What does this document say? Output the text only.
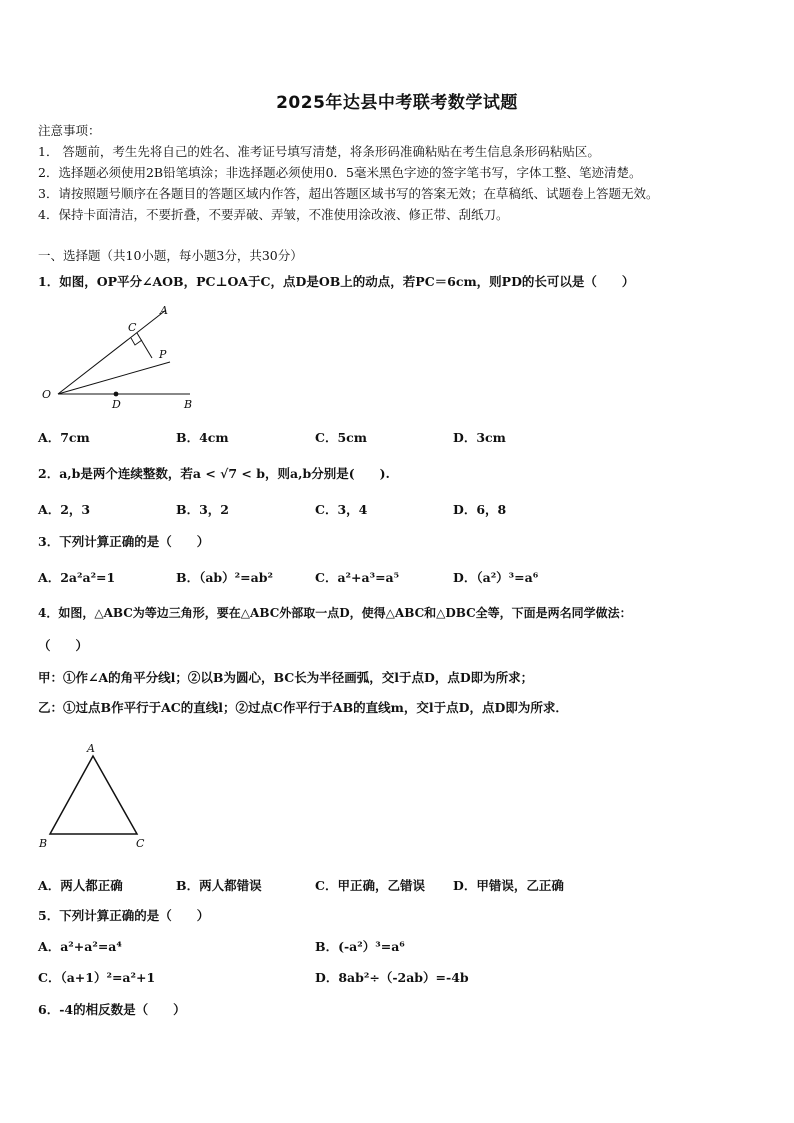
2025年达县中考联考数学试题
注意事项：
1． 答题前，考生先将自己的姓名、准考证号填写清楚，将条形码准确粘贴在考生信息条形码粘贴区。
2．选择题必须使用2B铅笔填涂；非选择题必须使用0．5毫米黑色字迹的签字笔书写，字体工整、笔迹清楚。
3．请按照题号顺序在各题目的答题区域内作答，超出答题区域书写的答案无效；在草稿纸、试题卷上答题无效。
4．保持卡面清洁，不要折叠，不要弄破、弄皱，不准使用涂改液、修正带、刮纸刀。
一、选择题（共10小题，每小题3分，共30分）
1．如图，OP平分∠AOB，PC⊥OA于C，点D是OB上的动点，若PC＝6cm，则PD的长可以是（　　）
A
C
P
O
D	B
A．7cm	B．4cm	C．5cm	D．3cm
2．a,b是两个连续整数，若a < √7 < b，则a,b分别是(　　).
A．2，3	B．3，2	C．3，4	D．6，8
3．下列计算正确的是（　　）
A．2a²a²=1	B．（ab）²=ab²	C．a²+a³=a⁵	D．（a²）³=a⁶
4．如图，△ABC为等边三角形，要在△ABC外部取一点D，使得△ABC和△DBC全等，下面是两名同学做法：
（　　）
甲：①作∠A的角平分线l；②以B为圆心，BC长为半径画弧，交l于点D，点D即为所求；
乙：①过点B作平行于AC的直线l；②过点C作平行于AB的直线m，交l于点D，点D即为所求．
A
B	C
A．两人都正确	B．两人都错误	C．甲正确，乙错误 D．甲错误，乙正确
5．下列计算正确的是（　　）
A．a²+a²=a⁴	B．(-a²）³=a⁶
C．（a+1）²=a²+1	D．8ab²÷（-2ab）=-4b
6．-4的相反数是（　　）
